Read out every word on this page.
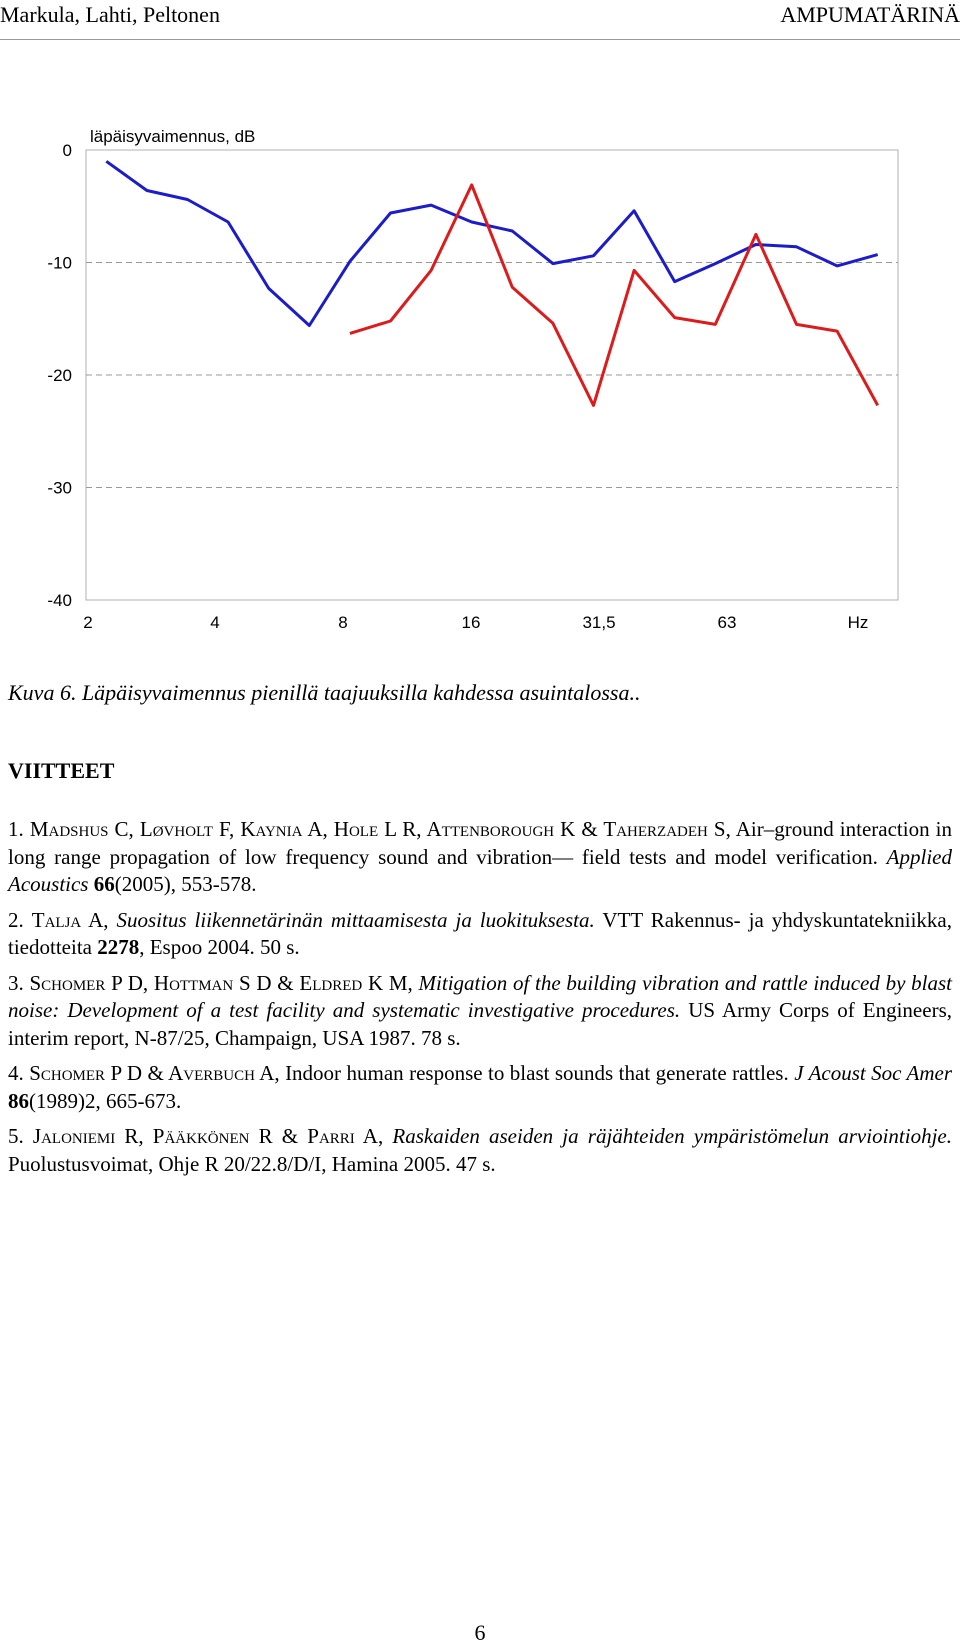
Markula, Lahti, Peltonen	AMPUMATÄRINÄ
0
-10
-20
-30
-40
2	4	8	16	31,5	63	Hz
läpäisyvaimennus, dB
Kuva 6. Läpäisyvaimennus pienillä taajuuksilla kahdessa asuintalossa..
VIITTEET

1. Madshus C, Løvholt F, Kaynia A, Hole L R, Attenborough K & Taherzadeh S, Air–ground interaction in long range propagation of low frequency sound and vibration— field tests and model verification. Applied Acoustics 66(2005), 553-578.

2. Talja A, Suositus liikennetärinän mittaamisesta ja luokituksesta. VTT Rakennus- ja yhdyskuntatekniikka, tiedotteita 2278, Espoo 2004. 50 s.

3. Schomer P D, Hottman S D & Eldred K M, Mitigation of the building vibration and rattle induced by blast noise: Development of a test facility and systematic investigative procedures. US Army Corps of Engineers, interim report, N-87/25, Champaign, USA 1987. 78 s.

4. Schomer P D & Averbuch A, Indoor human response to blast sounds that generate rattles. J Acoust Soc Amer 86(1989)2, 665-673.

5. Jaloniemi R, Pääkkönen R & Parri A, Raskaiden aseiden ja räjähteiden ympäristömelun arviointiohje. Puolustusvoimat, Ohje R 20/22.8/D/I, Hamina 2005. 47 s.

6
